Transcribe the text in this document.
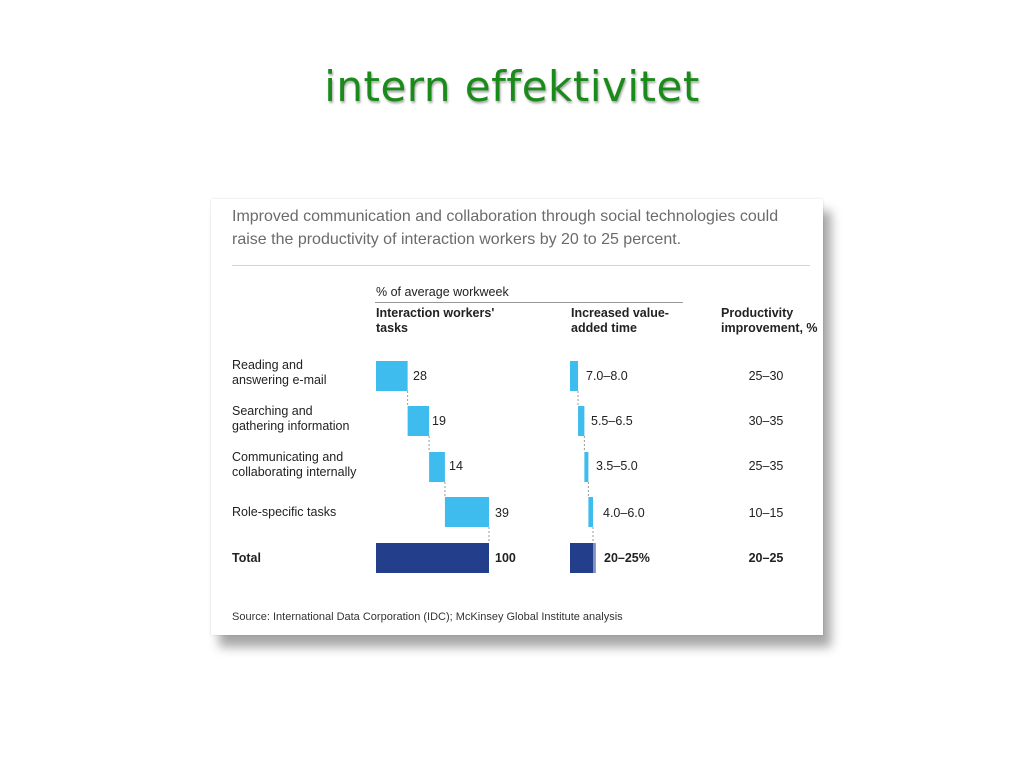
intern effektivitet
Improved communication and collaboration through social technologies could raise the productivity of interaction workers by 20 to 25 percent.
% of average workweek
Interaction workers' tasks
Increased value-added time
Productivity improvement, %
Reading and
answering e-mail
Searching and
gathering information
Communicating and
collaborating internally
Role-specific tasks
Total
28
19
14
39
100
7.0–8.0
5.5–6.5
3.5–5.0
4.0–6.0
20–25%
25–30
30–35
25–35
10–15
20–25
Source: International Data Corporation (IDC); McKinsey Global Institute analysis
